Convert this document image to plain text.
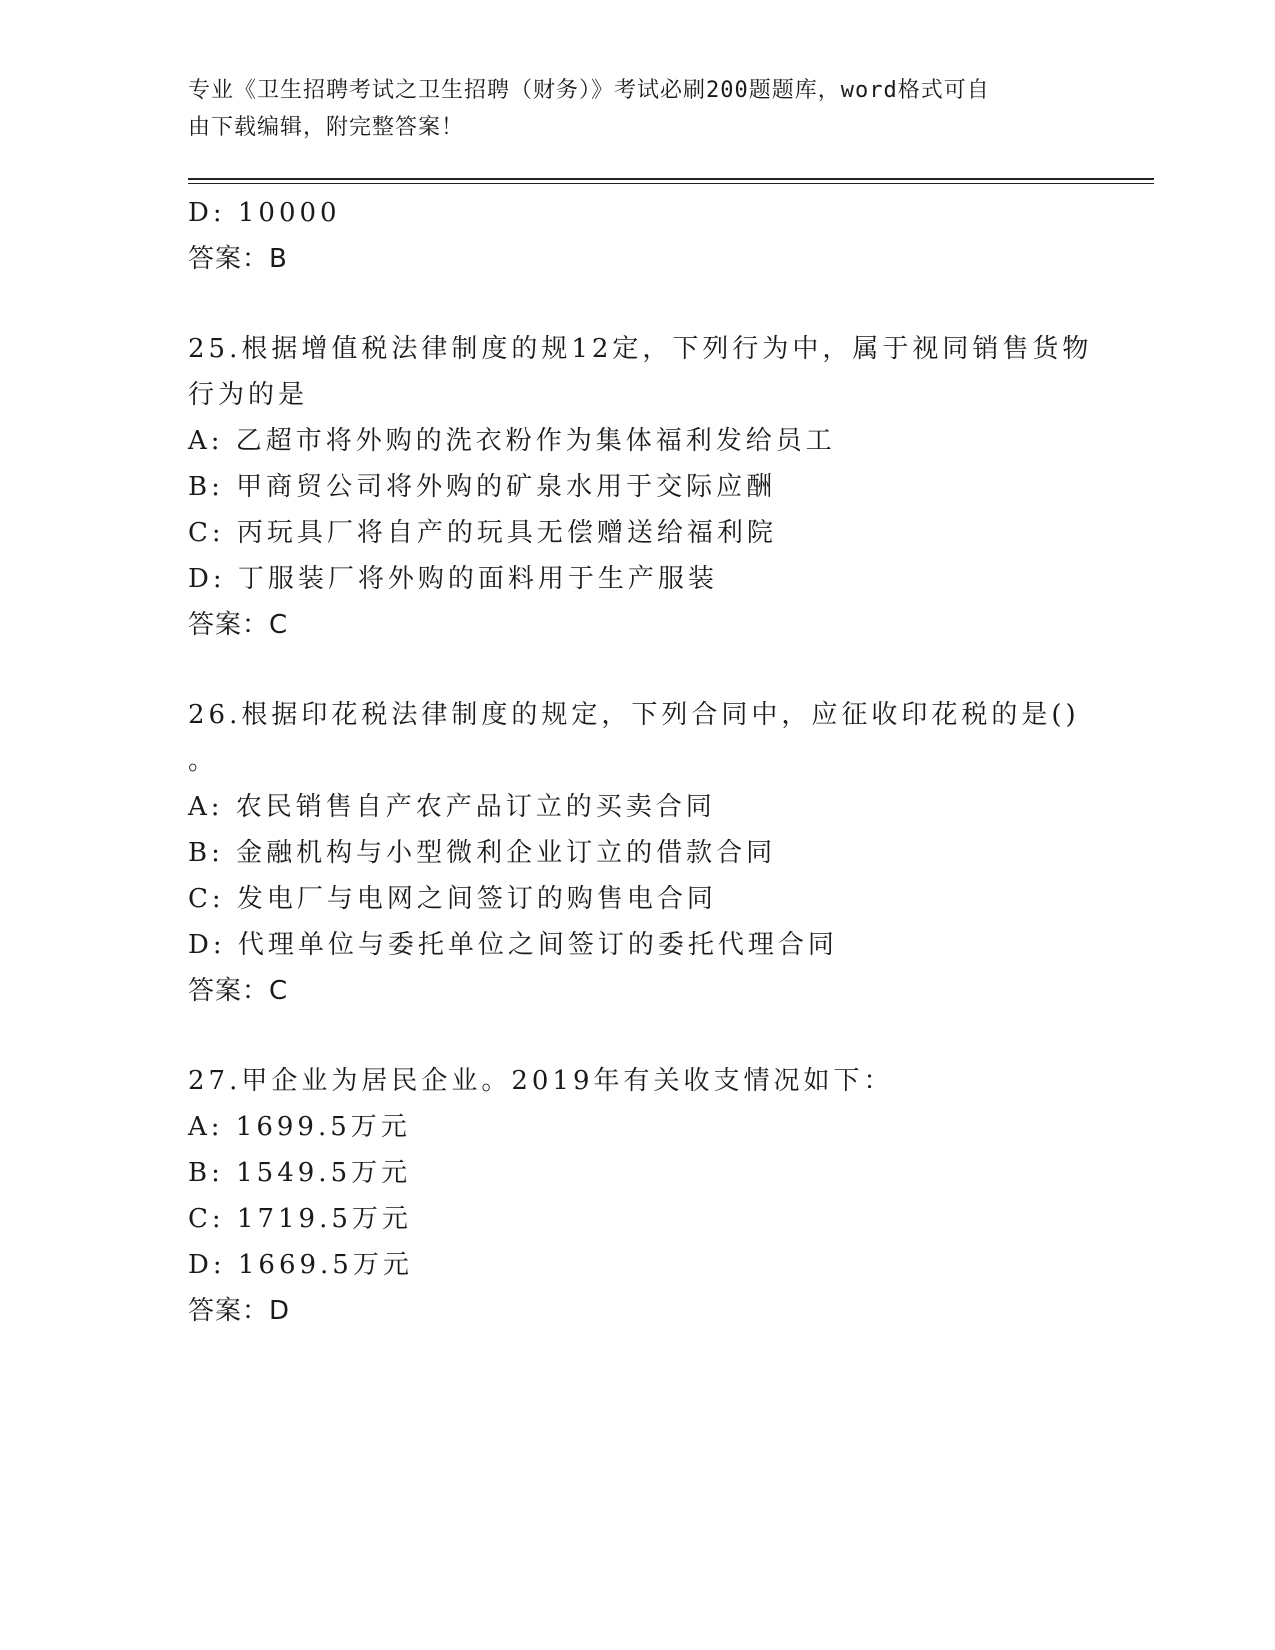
专业《卫生招聘考试之卫生招聘（财务）》考试必刷200题题库，word格式可自
由下载编辑，附完整答案！

D: 10000

答案：B

25.根据增值税法律制度的规12定，下列行为中，属于视同销售货物

行为的是

A: 乙超市将外购的洗衣粉作为集体福利发给员工

B: 甲商贸公司将外购的矿泉水用于交际应酬

C: 丙玩具厂将自产的玩具无偿赠送给福利院

D: 丁服装厂将外购的面料用于生产服装

答案：C

26.根据印花税法律制度的规定，下列合同中，应征收印花税的是()

。

A: 农民销售自产农产品订立的买卖合同

B: 金融机构与小型微利企业订立的借款合同

C: 发电厂与电网之间签订的购售电合同

D: 代理单位与委托单位之间签订的委托代理合同

答案：C

27.甲企业为居民企业。2019年有关收支情况如下：

A: 1699.5万元

B: 1549.5万元

C: 1719.5万元

D: 1669.5万元

答案：D
